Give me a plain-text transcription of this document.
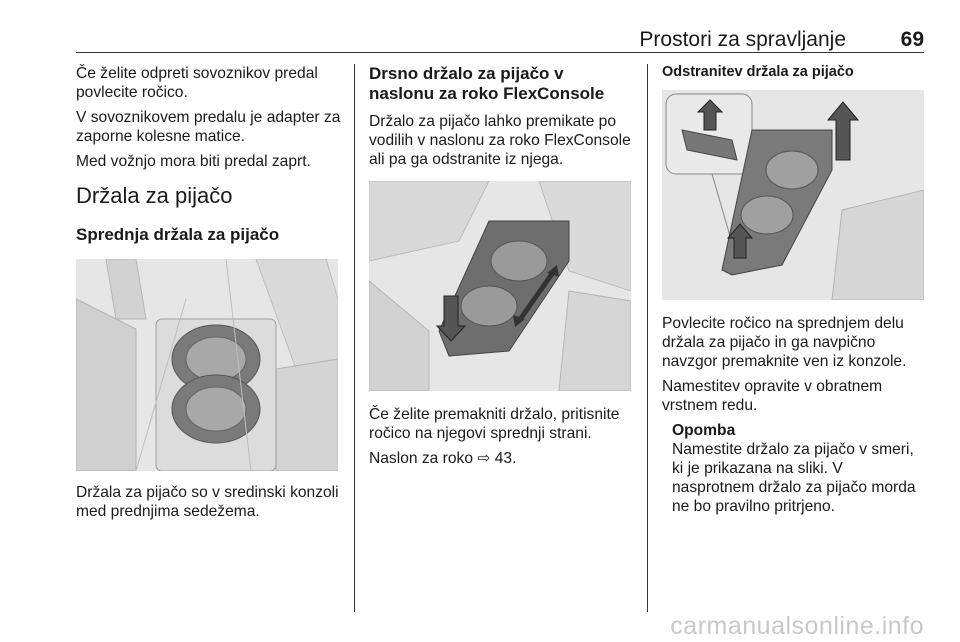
Prostori za spravljanje	69

Če želite odpreti sovoznikov predal povlecite ročico.

V sovoznikovem predalu je adapter za zaporne kolesne matice.

Med vožnjo mora biti predal zaprt.

Držala za pijačo
Sprednja držala za pijačo

Držala za pijačo so v sredinski konzoli med prednjima sedežema.

Drsno držalo za pijačo v naslonu za roko FlexConsole

Držalo za pijačo lahko premikate po vodilih v naslonu za roko FlexConsole ali pa ga odstranite iz njega.

Če želite premakniti držalo, pritisnite ročico na njegovi sprednji strani.

Naslon za roko ⇨ 43.

Odstranitev držala za pijačo

Povlecite ročico na sprednjem delu držala za pijačo in ga navpično navzgor premaknite ven iz konzole.

Namestitev opravite v obratnem vrstnem redu.

Opomba

Namestite držalo za pijačo v smeri, ki je prikazana na sliki. V nasprotnem držalo za pijačo morda ne bo pravilno pritrjeno.

carmanualsonline.info
